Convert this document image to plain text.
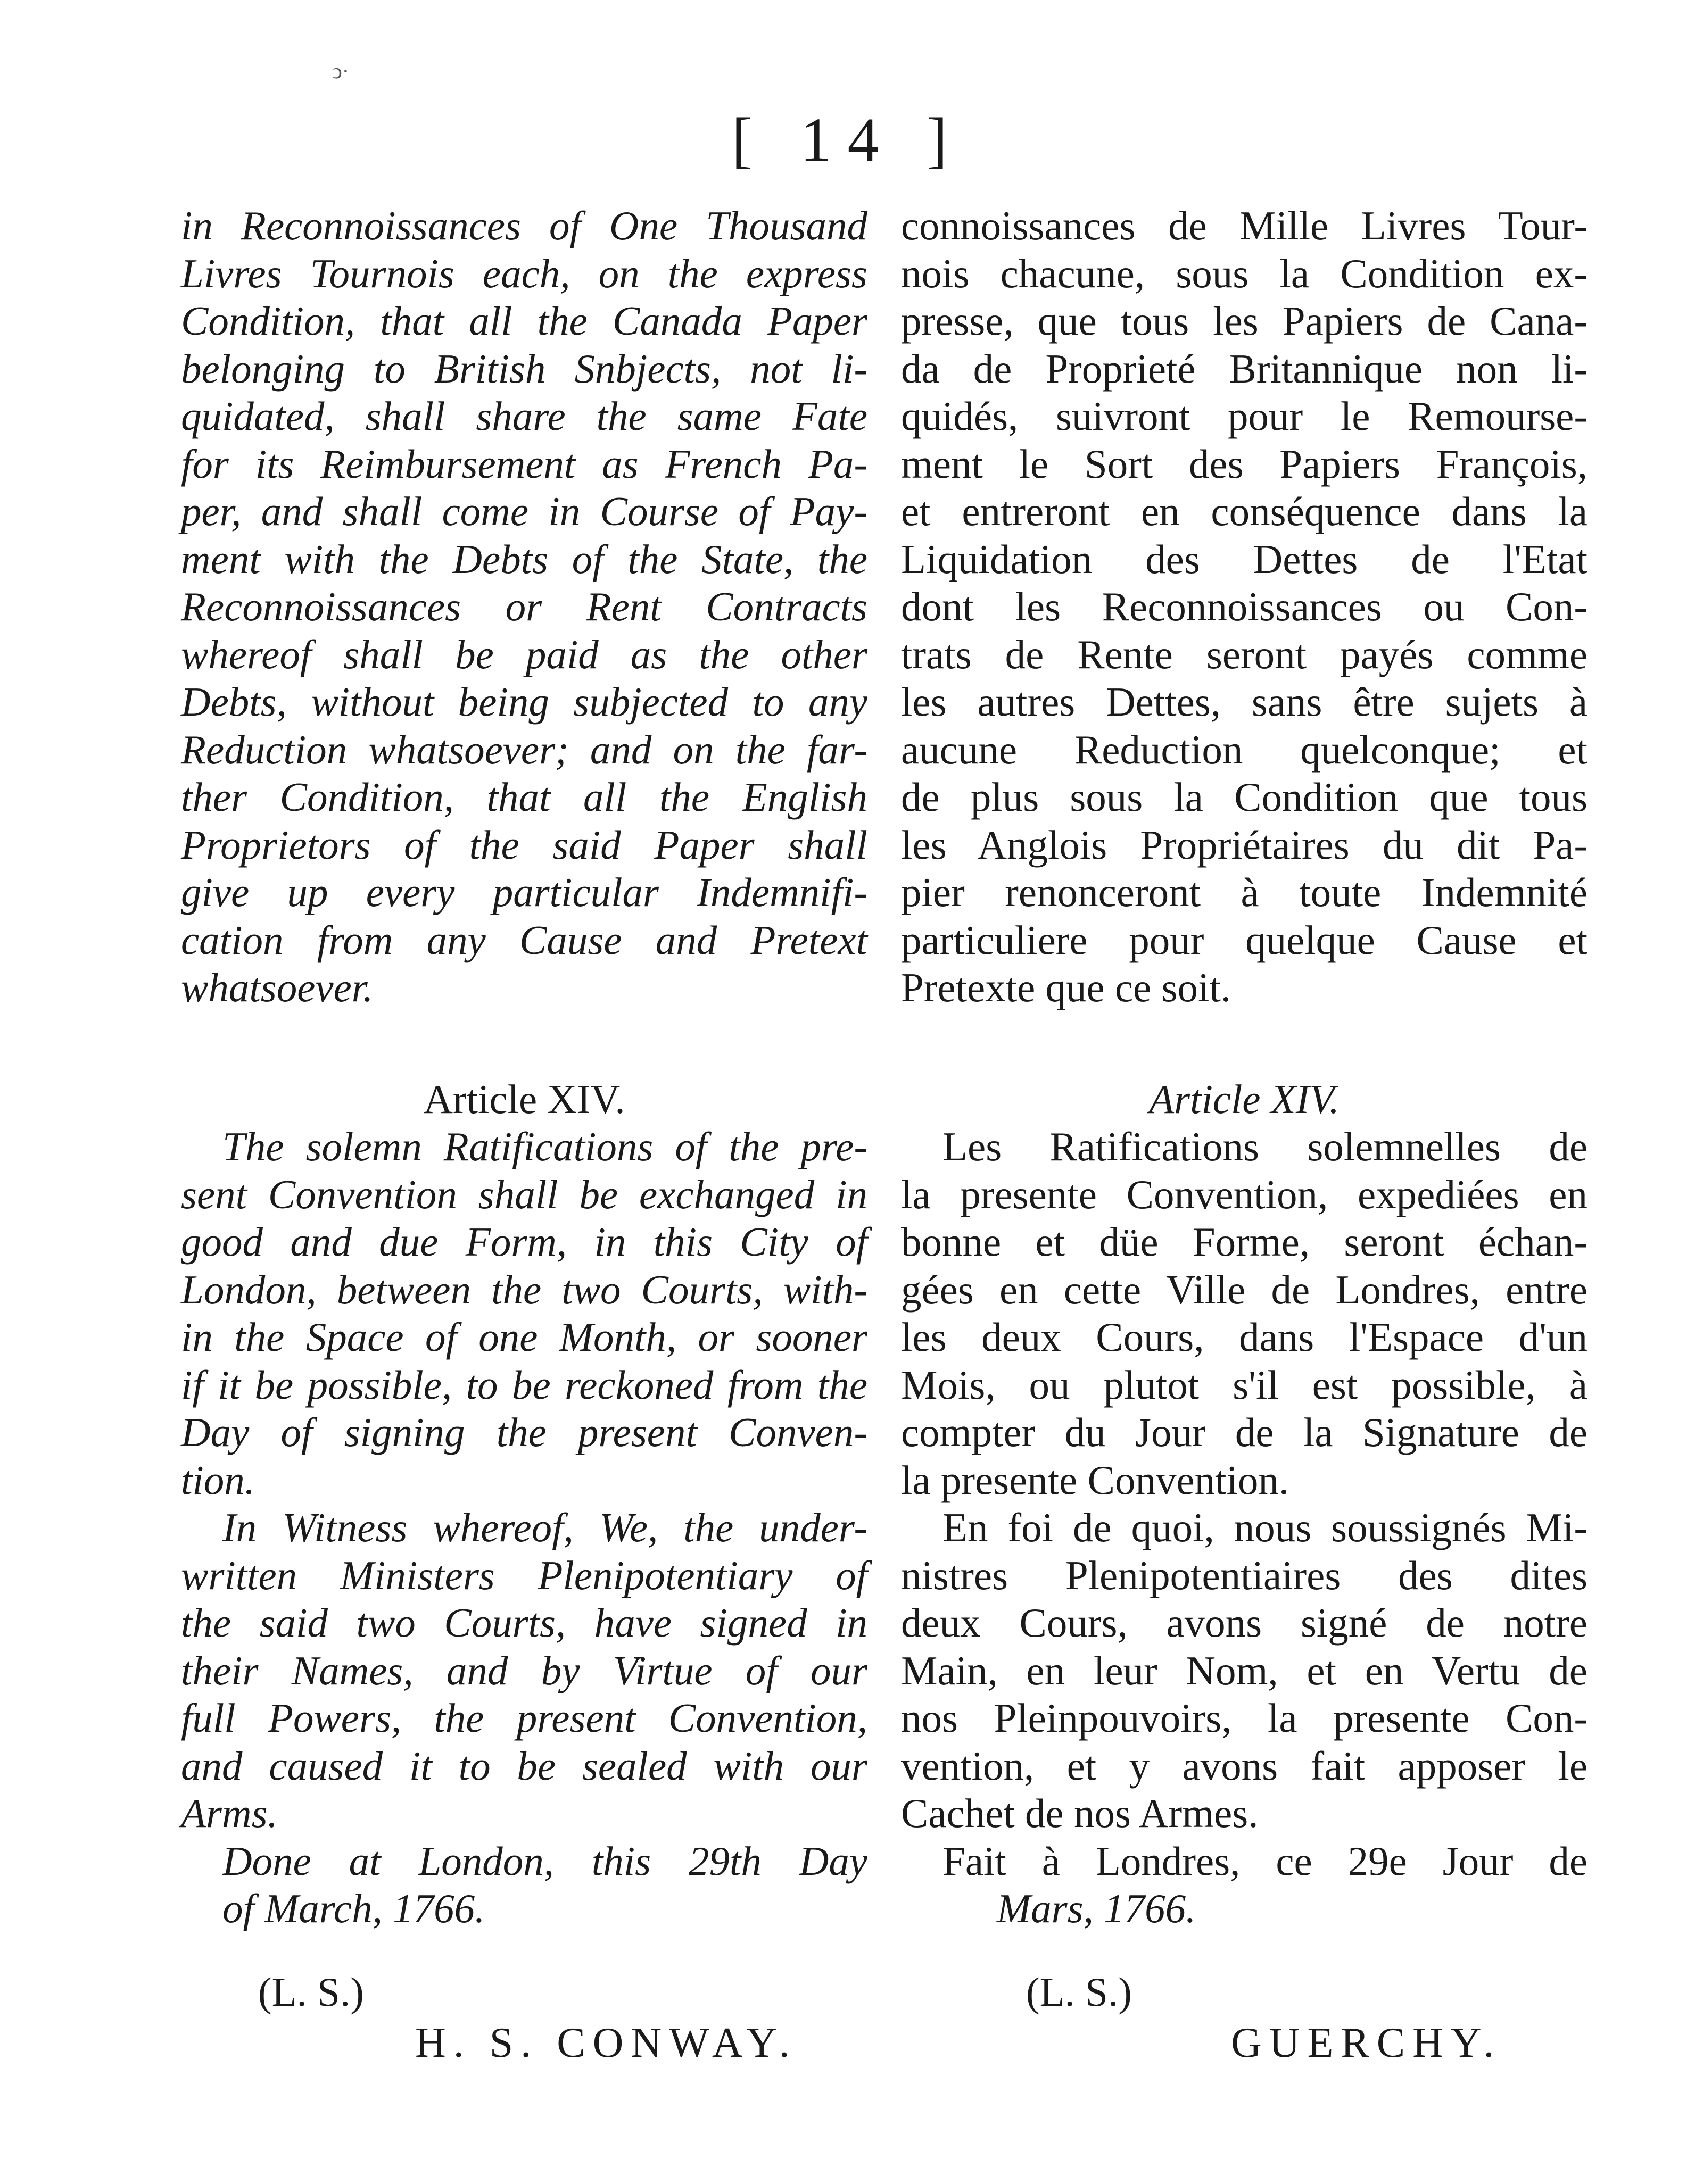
ↄ·
[ 14 ]
in Reconnoissances of One Thousand
Livres Tournois each, on the express
Condition, that all the Canada Paper
belonging to British Snbjects, not li-
quidated, shall share the same Fate
for its Reimbursement as French Pa-
per, and shall come in Course of Pay-
ment with the Debts of the State, the
Reconnoissances or Rent Contracts
whereof shall be paid as the other
Debts, without being subjected to any
Reduction whatsoever; and on the far-
ther Condition, that all the English
Proprietors of the said Paper shall
give up every particular Indemnifi-
cation from any Cause and Pretext
whatsoever.
Article XIV.
The solemn Ratifications of the pre-
sent Convention shall be exchanged in
good and due Form, in this City of
London, between the two Courts, with-
in the Space of one Month, or sooner
if it be possible, to be reckoned from the
Day of signing the present Conven-
tion.
In Witness whereof, We, the under-
written Ministers Plenipotentiary of
the said two Courts, have signed in
their Names, and by Virtue of our
full Powers, the present Convention,
and caused it to be sealed with our
Arms.
Done at London, this 29th Day
of March, 1766.
connoissances de Mille Livres Tour-
nois chacune, sous la Condition ex-
presse, que tous les Papiers de Cana-
da de Proprieté Britannique non li-
quidés, suivront pour le Remourse-
ment le Sort des Papiers François,
et entreront en conséquence dans la
Liquidation des Dettes de l'Etat
dont les Reconnoissances ou Con-
trats de Rente seront payés comme
les autres Dettes, sans être sujets à
aucune Reduction quelconque; et
de plus sous la Condition que tous
les Anglois Propriétaires du dit Pa-
pier renonceront à toute Indemnité
particuliere pour quelque Cause et
Pretexte que ce soit.
Article XIV.
Les Ratifications solemnelles de
la presente Convention, expediées en
bonne et düe Forme, seront échan-
gées en cette Ville de Londres, entre
les deux Cours, dans l'Espace d'un
Mois, ou plutot s'il est possible, à
compter du Jour de la Signature de
la presente Convention.
En foi de quoi, nous soussignés Mi-
nistres Plenipotentiaires des dites
deux Cours, avons signé de notre
Main, en leur Nom, et en Vertu de
nos Pleinpouvoirs, la presente Con-
vention, et y avons fait apposer le
Cachet de nos Armes.
Fait à Londres, ce 29e Jour de
Mars, 1766.
(L. S.)
H. S. CONWAY.
(L. S.)
GUERCHY.
